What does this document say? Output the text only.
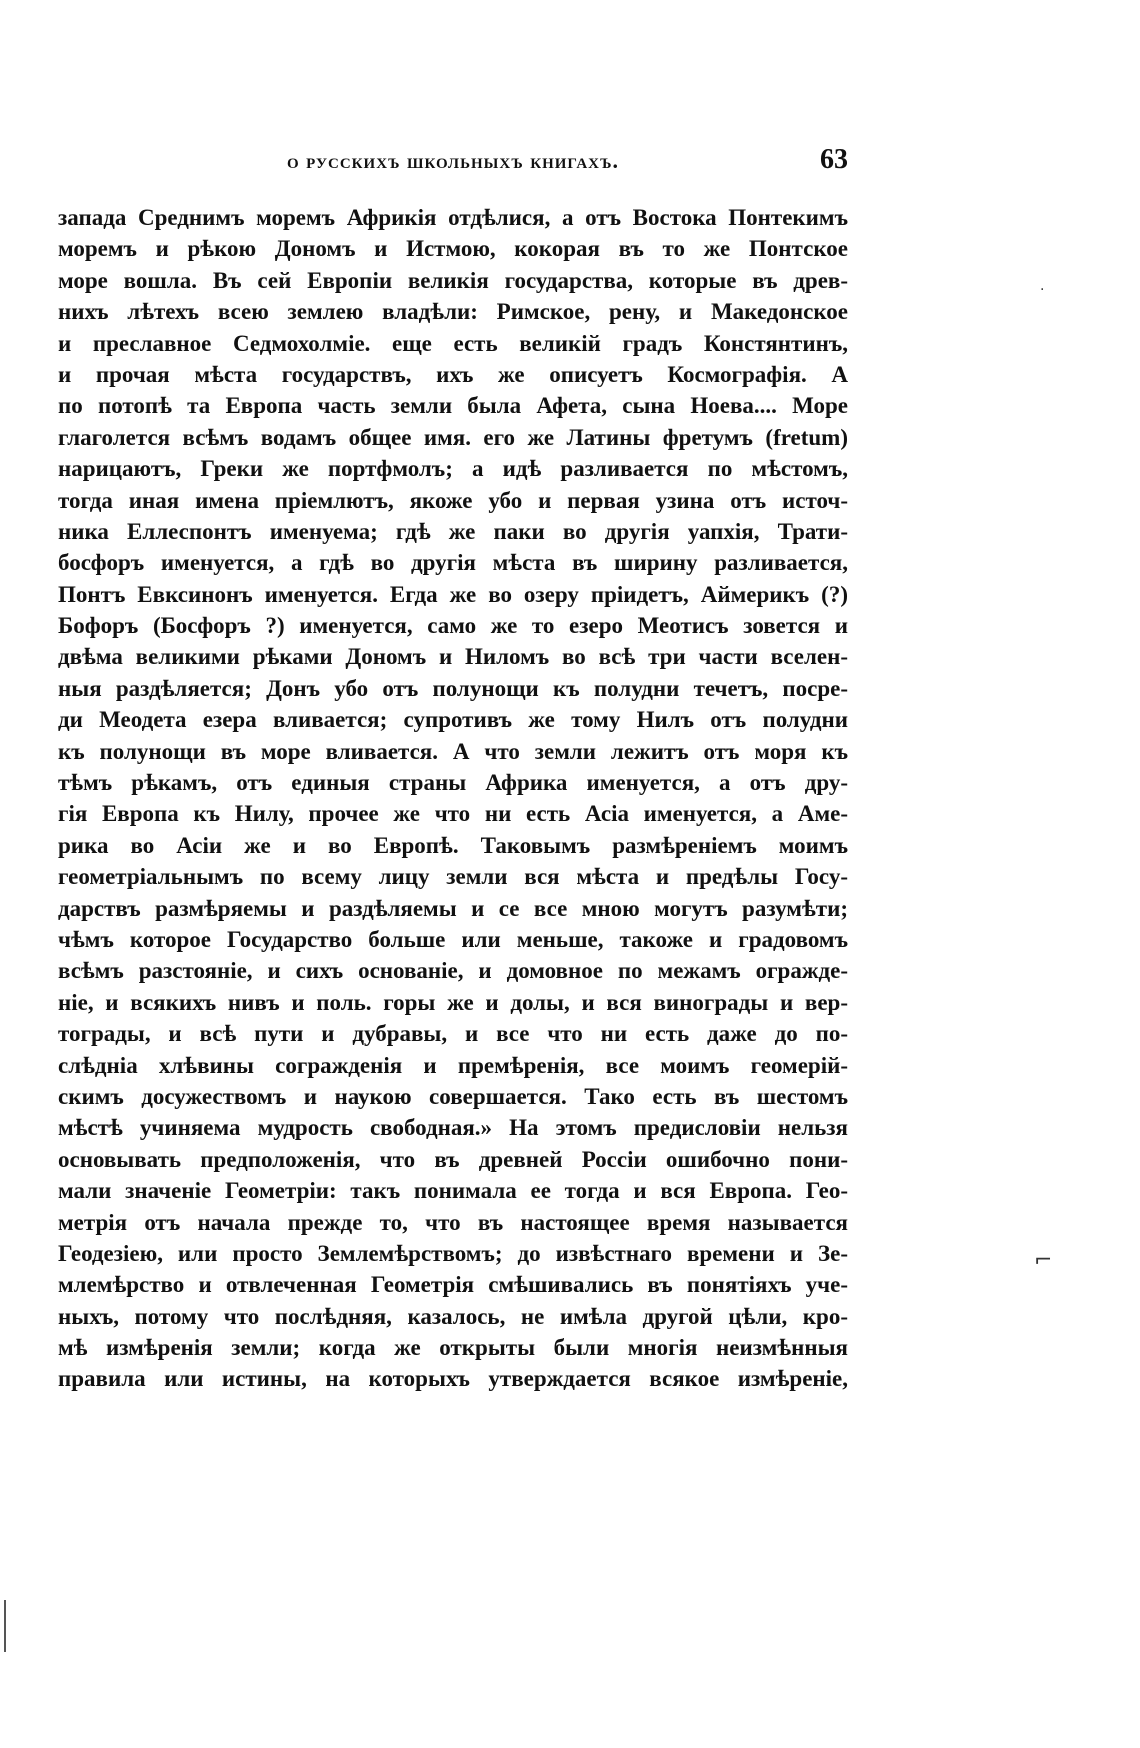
о русскихъ школьныхъ книгахъ.	63
запада Среднимъ моремъ Африкія отдѣлися, а отъ Востока Понтекимъ
моремъ и рѣкою Дономъ и Истмою, кокорая въ то же Понтское
море вошла. Въ сей Европіи великія государства, которые въ древ-
нихъ лѣтехъ всею землею владѣли: Римское, рену, и Македонское
и преславное Седмохолміе. еще есть великій градъ Констянтинъ,
и прочая мѣста государствъ, ихъ же описуетъ Космографія. А
по потопѣ та Европа часть земли была Афета, сына Ноева.... Море
глаголется всѣмъ водамъ общее имя. его же Латины фретумъ (fretum)
нарицаютъ, Греки же портфмолъ; а идѣ разливается по мѣстомъ,
тогда иная имена пріемлютъ, якоже убо и первая узина отъ источ-
ника Еллеспонтъ именуема; гдѣ же паки во другія уапхія, Трати-
босфоръ именуется, а гдѣ во другія мѣста въ ширину разливается,
Понтъ Евксинонъ именуется. Егда же во озеру пріидетъ, Аймерикъ (?)
Бофоръ (Босфоръ ?) именуется, само же то езеро Меотисъ зовется и
двѣма великими рѣками Дономъ и Ниломъ во всѣ три части вселен-
ныя раздѣляется; Донъ убо отъ полунощи къ полудни течетъ, посре-
ди Меодета езера вливается; супротивъ же тому Нилъ отъ полудни
къ полунощи въ море вливается. А что земли лежитъ отъ моря къ
тѣмъ рѣкамъ, отъ единыя страны Африка именуется, а отъ дру-
гія Европа къ Нилу, прочее же что ни есть Асіа именуется, а Аме-
рика во Асіи же и во Европѣ. Таковымъ размѣреніемъ моимъ
геометріальнымъ по всему лицу земли вся мѣста и предѣлы Госу-
дарствъ размѣряемы и раздѣляемы и се все мною могутъ разумѣти;
чѣмъ которое Государство больше или меньше, такоже и градовомъ
всѣмъ разстояніе, и сихъ основаніе, и домовное по межамъ огражде-
ніе, и всякихъ нивъ и поль. горы же и долы, и вся винограды и вер-
тограды, и всѣ пути и дубравы, и все что ни есть даже до по-
слѣдніа хлѣвины согражденія и премѣренія, все моимъ геомерій-
скимъ досужествомъ и наукою совершается. Тако есть въ шестомъ
мѣстѣ учиняема мудрость свободная.» На этомъ предисловіи нельзя
основывать предположенія, что въ древней Россіи ошибочно пони-
мали значеніе Геометріи: такъ понимала ее тогда и вся Европа. Гео-
метрія отъ начала прежде то, что въ настоящее время называется
Геодезіею, или просто Землемѣрствомъ; до извѣстнаго времени и Зе-
млемѣрство и отвлеченная Геометрія смѣшивались въ понятіяхъ уче-
ныхъ, потому что послѣдняя, казалось, не имѣла другой цѣли, кро-
мѣ измѣренія земли; когда же открыты были многія неизмѣнныя
правила или истины, на которыхъ утверждается всякое измѣреніе,
·
⌐
